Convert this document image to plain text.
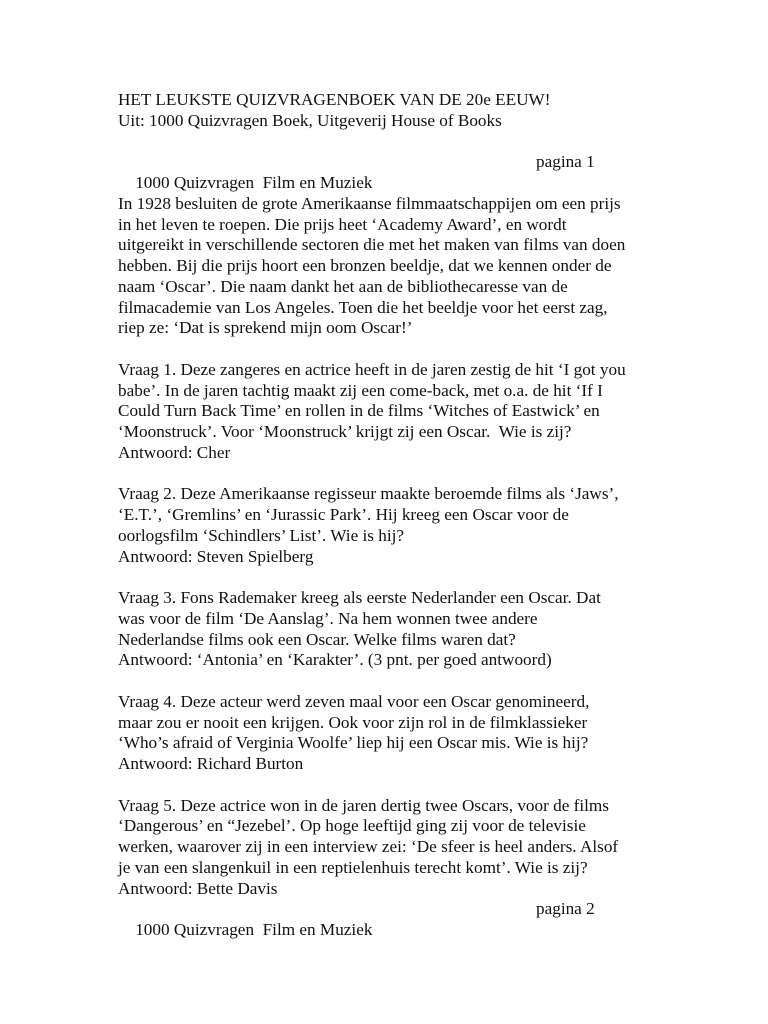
HET LEUKSTE QUIZVRAGENBOEK VAN DE 20e EEUW!
Uit: 1000 Quizvragen Boek, Uitgeverij House of Books

1000 Quizvragen  Film en Muziek

pagina 1

In 1928 besluiten de grote Amerikaanse filmmaatschappijen om een prijs
in het leven te roepen. Die prijs heet ‘Academy Award’, en wordt
uitgereikt in verschillende sectoren die met het maken van films van doen
hebben. Bij die prijs hoort een bronzen beeldje, dat we kennen onder de
naam ‘Oscar’. Die naam dankt het aan de bibliothecaresse van de
filmacademie van Los Angeles. Toen die het beeldje voor het eerst zag,
riep ze: ‘Dat is sprekend mijn oom Oscar!’
Vraag 1. Deze zangeres en actrice heeft in de jaren zestig de hit ‘I got you
babe’. In de jaren tachtig maakt zij een come-back, met o.a. de hit ‘If I
Could Turn Back Time’ en rollen in de films ‘Witches of Eastwick’ en
‘Moonstruck’. Voor ‘Moonstruck’ krijgt zij een Oscar.  Wie is zij?
Antwoord: Cher
Vraag 2. Deze Amerikaanse regisseur maakte beroemde films als ‘Jaws’,
‘E.T.’, ‘Gremlins’ en ‘Jurassic Park’. Hij kreeg een Oscar voor de
oorlogsfilm ‘Schindlers’ List’. Wie is hij?
Antwoord: Steven Spielberg
Vraag 3. Fons Rademaker kreeg als eerste Nederlander een Oscar. Dat
was voor de film ‘De Aanslag’. Na hem wonnen twee andere
Nederlandse films ook een Oscar. Welke films waren dat?
Antwoord: ‘Antonia’ en ‘Karakter’. (3 pnt. per goed antwoord)
Vraag 4. Deze acteur werd zeven maal voor een Oscar genomineerd,
maar zou er nooit een krijgen. Ook voor zijn rol in de filmklassieker
‘Who’s afraid of Verginia Woolfe’ liep hij een Oscar mis. Wie is hij?
Antwoord: Richard Burton
Vraag 5. Deze actrice won in de jaren dertig twee Oscars, voor de films
‘Dangerous’ en “Jezebel’. Op hoge leeftijd ging zij voor de televisie
werken, waarover zij in een interview zei: ‘De sfeer is heel anders. Alsof
je van een slangenkuil in een reptielenhuis terecht komt’. Wie is zij?
Antwoord: Bette Davis

1000 Quizvragen  Film en Muziek

pagina 2
